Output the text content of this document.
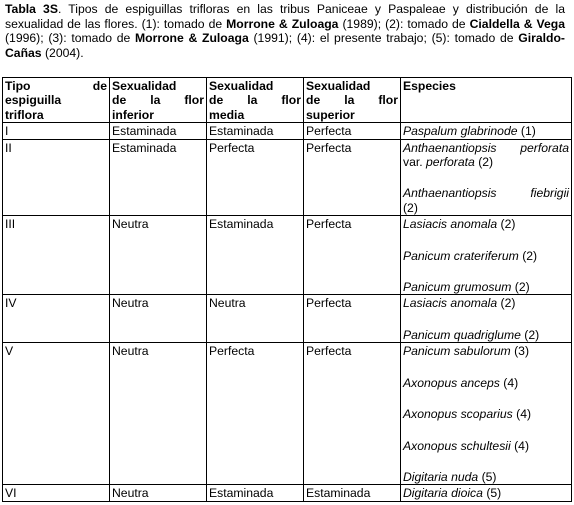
Tabla 3S. Tipos de espiguillas trifloras en las tribus Paniceae y Paspaleae y distribución de la sexualidad de las flores. (1): tomado de Morrone & Zuloaga (1989); (2): tomado de Cialdella & Vega (1996); (3): tomado de Morrone & Zuloaga (1991); (4): el presente trabajo; (5): tomado de Giraldo-Cañas (2004).
Tipo de
espiguilla
triflora	Sexualidad
de la flor
inferior	Sexualidad
de la flor
media	Sexualidad
de la flor
superior	Especies

I	Estaminada	Estaminada	Perfecta	Paspalum glabrinode (1)

II	Estaminada	Perfecta	Perfecta	Anthaenantiopsis perforata
var. perforata (2)

Anthaenantiopsis fiebrigii
(2)

III	Neutra	Estaminada	Perfecta	Lasiacis anomala (2)

Panicum crateriferum (2)

Panicum grumosum (2)

IV	Neutra	Neutra	Perfecta	Lasiacis anomala (2)

Panicum quadriglume (2)

V	Neutra	Perfecta	Perfecta	Panicum sabulorum (3)

Axonopus anceps (4)

Axonopus scoparius (4)

Axonopus schultesii (4)

Digitaria nuda (5)

VI	Neutra	Estaminada	Estaminada	Digitaria dioica (5)
